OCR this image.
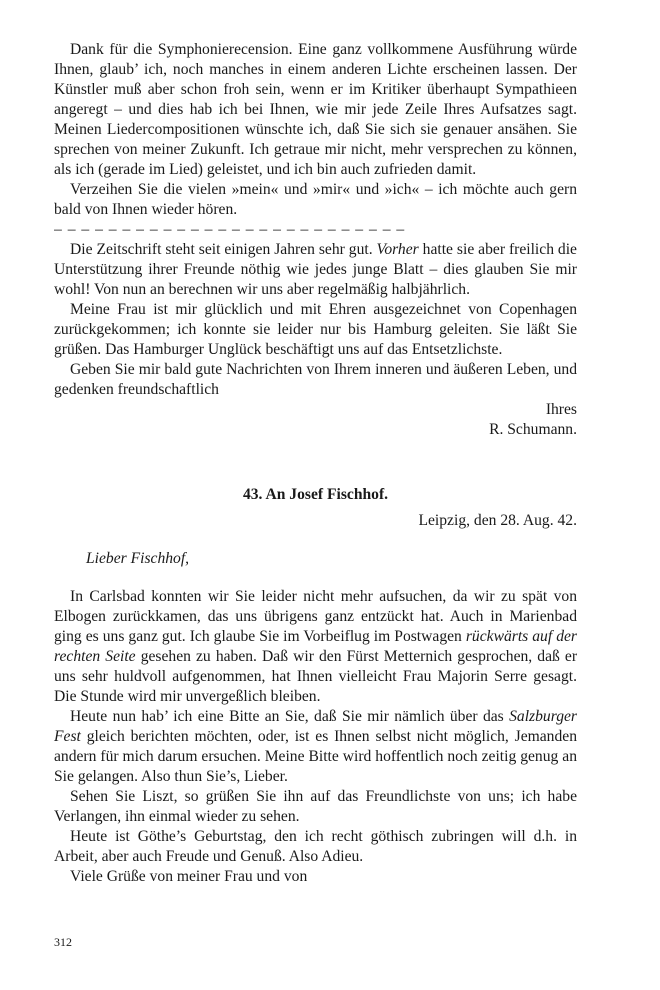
Dank für die Symphonierecension. Eine ganz vollkommene Ausführung würde Ihnen, glaub’ ich, noch manches in einem anderen Lichte erscheinen lassen. Der Künstler muß aber schon froh sein, wenn er im Kritiker überhaupt Sympathieen angeregt – und dies hab ich bei Ihnen, wie mir jede Zeile Ihres Aufsatzes sagt. Meinen Liedercompositionen wünschte ich, daß Sie sich sie genauer ansähen. Sie sprechen von meiner Zukunft. Ich getraue mir nicht, mehr versprechen zu können, als ich (gerade im Lied) geleistet, und ich bin auch zufrieden damit.

Verzeihen Sie die vielen »mein« und »mir« und »ich« – ich möchte auch gern bald von Ihnen wieder hören.

– – – – – – – – – – – – – – – – – – – – – – – – – –

Die Zeitschrift steht seit einigen Jahren sehr gut. Vorher hatte sie aber freilich die Unterstützung ihrer Freunde nöthig wie jedes junge Blatt – dies glauben Sie mir wohl! Von nun an berechnen wir uns aber regelmäßig halbjährlich.

Meine Frau ist mir glücklich und mit Ehren ausgezeichnet von Copenhagen zurückgekommen; ich konnte sie leider nur bis Hamburg geleiten. Sie läßt Sie grüßen. Das Hamburger Unglück beschäftigt uns auf das Entsetzlichste.

Geben Sie mir bald gute Nachrichten von Ihrem inneren und äußeren Leben, und gedenken freundschaftlich

Ihres

R. Schumann.

43. An Josef Fischhof.

Leipzig, den 28. Aug. 42.

Lieber Fischhof,

In Carlsbad konnten wir Sie leider nicht mehr aufsuchen, da wir zu spät von Elbogen zurückkamen, das uns übrigens ganz entzückt hat. Auch in Marienbad ging es uns ganz gut. Ich glaube Sie im Vorbeiflug im Postwagen rückwärts auf der rechten Seite gesehen zu haben. Daß wir den Fürst Metternich gesprochen, daß er uns sehr huldvoll aufgenommen, hat Ihnen vielleicht Frau Majorin Serre gesagt. Die Stunde wird mir unvergeßlich bleiben.

Heute nun hab’ ich eine Bitte an Sie, daß Sie mir nämlich über das Salzburger Fest gleich berichten möchten, oder, ist es Ihnen selbst nicht möglich, Jemanden andern für mich darum ersuchen. Meine Bitte wird hoffentlich noch zeitig genug an Sie gelangen. Also thun Sie’s, Lieber.

Sehen Sie Liszt, so grüßen Sie ihn auf das Freundlichste von uns; ich habe Verlangen, ihn einmal wieder zu sehen.

Heute ist Göthe’s Geburtstag, den ich recht göthisch zubringen will d.h. in Arbeit, aber auch Freude und Genuß. Also Adieu.

Viele Grüße von meiner Frau und von

312
